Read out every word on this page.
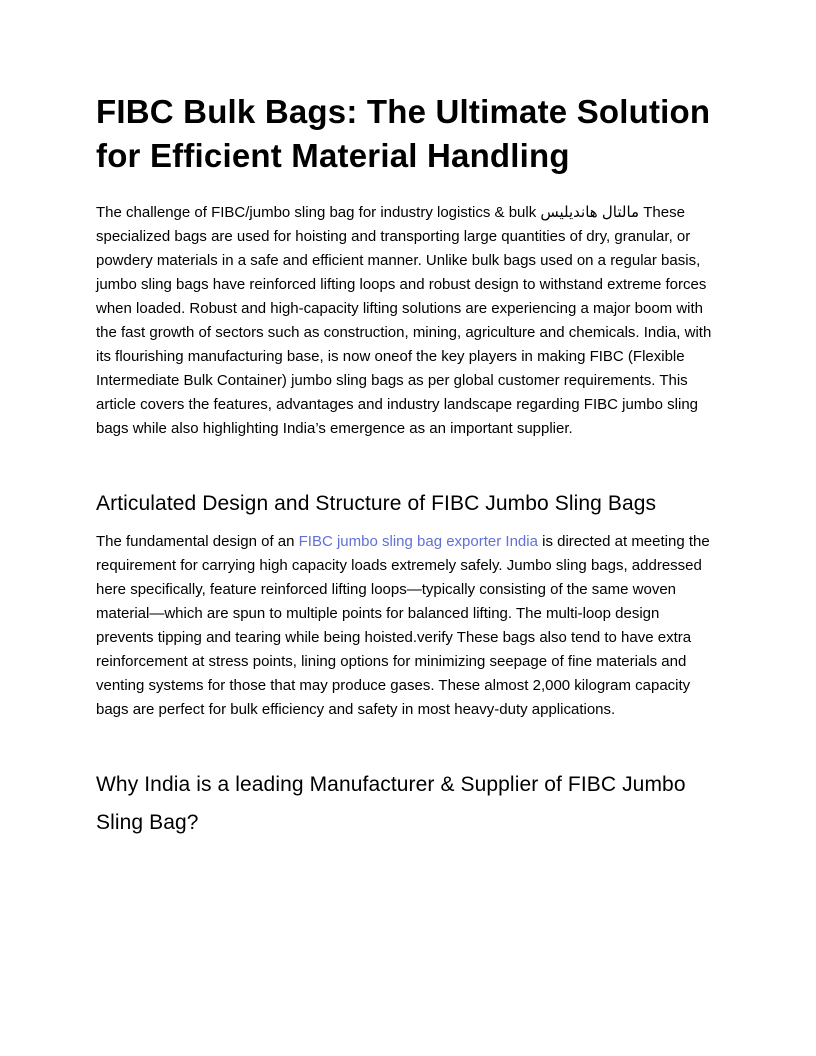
FIBC Bulk Bags: The Ultimate Solution for Efficient Material Handling

The challenge of FIBC/jumbo sling bag for industry logistics & bulk مالتال هانديليس These specialized bags are used for hoisting and transporting large quantities of dry, granular, or powdery materials in a safe and efficient manner. Unlike bulk bags used on a regular basis, jumbo sling bags have reinforced lifting loops and robust design to withstand extreme forces when loaded. Robust and high-capacity lifting solutions are experiencing a major boom with the fast growth of sectors such as construction, mining, agriculture and chemicals. India, with its flourishing manufacturing base, is now oneof the key players in making FIBC (Flexible Intermediate Bulk Container) jumbo sling bags as per global customer requirements. This article covers the features, advantages and industry landscape regarding FIBC jumbo sling bags while also highlighting India’s emergence as an important supplier.

Articulated Design and Structure of FIBC Jumbo Sling Bags

The fundamental design of an FIBC jumbo sling bag exporter India is directed at meeting the requirement for carrying high capacity loads extremely safely. Jumbo sling bags, addressed here specifically, feature reinforced lifting loops—typically consisting of the same woven material—which are spun to multiple points for balanced lifting. The multi-loop design prevents tipping and tearing while being hoisted.verify These bags also tend to have extra reinforcement at stress points, lining options for minimizing seepage of fine materials and venting systems for those that may produce gases. These almost 2,000 kilogram capacity bags are perfect for bulk efficiency and safety in most heavy-duty applications.

Why India is a leading Manufacturer & Supplier of FIBC Jumbo Sling Bag?
